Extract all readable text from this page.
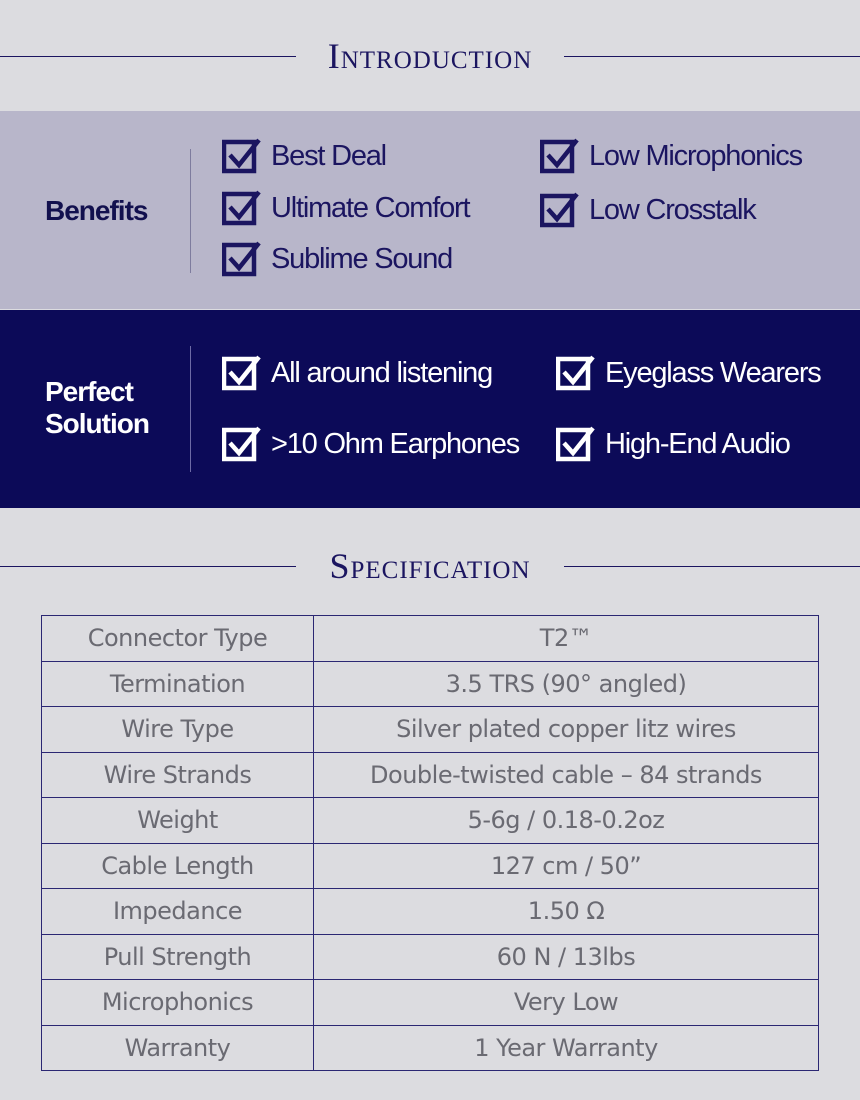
Introduction
Benefits
Best Deal
Ultimate Comfort
Sublime Sound
Low Microphonics
Low Crosstalk
Perfect
Solution
All around listening
>10 Ohm Earphones
Eyeglass Wearers
High-End Audio
Specification
Connector Type	T2™
Termination	3.5 TRS (90° angled)
Wire Type	Silver plated copper litz wires
Wire Strands	Double-twisted cable – 84 strands
Weight	5-6g / 0.18-0.2oz
Cable Length	127 cm / 50”
Impedance	1.50 Ω
Pull Strength	60 N / 13lbs
Microphonics	Very Low
Warranty	1 Year Warranty
